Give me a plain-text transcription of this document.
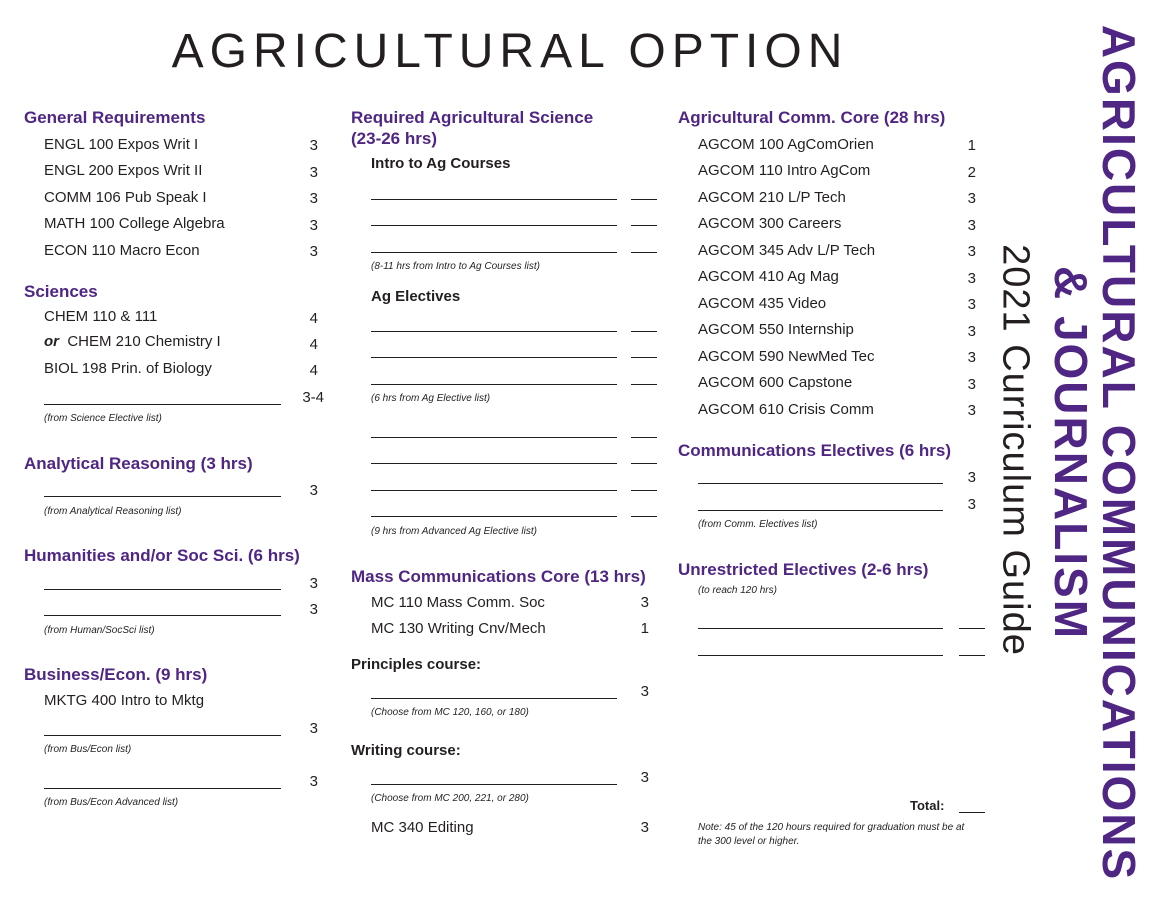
AGRICULTURAL OPTION	AGRICULTURAL COMMUNICATIONS
& JOURNALISM
2021 Curriculum Guide
General Requirements
ENGL 100 Expos Writ I	3
ENGL 200 Expos Writ II	3
COMM 106 Pub Speak I	3
MATH 100 College Algebra	3
ECON 110 Macro Econ	3
Sciences
CHEM 110 & 111	4
or CHEM 210 Chemistry I	4
BIOL 198 Prin. of Biology	4
3-4
(from Science Elective list)
Analytical Reasoning (3 hrs)
3
(from Analytical Reasoning list)
Humanities and/or Soc Sci. (6 hrs)
3
3
(from Human/SocSci list)
Business/Econ. (9 hrs)
MKTG 400 Intro to Mktg
3
(from Bus/Econ list)
3
(from Bus/Econ Advanced list)
Required Agricultural Science
(23-26 hrs)
Intro to Ag Courses
(8-11 hrs from Intro to Ag Courses list)
Ag Electives
(6 hrs from Ag Elective list)
(9 hrs from Advanced Ag Elective list)
Mass Communications Core (13 hrs)
MC 110 Mass Comm. Soc	3
MC 130 Writing Cnv/Mech	1
Principles course:
3
(Choose from MC 120, 160, or 180)
Writing course:
3
(Choose from MC 200, 221, or 280)
MC 340 Editing	3
Agricultural Comm. Core (28 hrs)
AGCOM 100 AgComOrien	1
AGCOM 110 Intro AgCom	2
AGCOM 210 L/P Tech	3
AGCOM 300 Careers	3
AGCOM 345 Adv L/P Tech	3
AGCOM 410 Ag Mag	3
AGCOM 435 Video	3
AGCOM 550 Internship	3
AGCOM 590 NewMed Tec	3
AGCOM 600 Capstone	3
AGCOM 610 Crisis Comm	3
Communications Electives (6 hrs)
3
3
(from Comm. Electives list)
Unrestricted Electives (2-6 hrs)
(to reach 120 hrs)
Total:
Note: 45 of the 120 hours required for graduation must be at
the 300 level or higher.
